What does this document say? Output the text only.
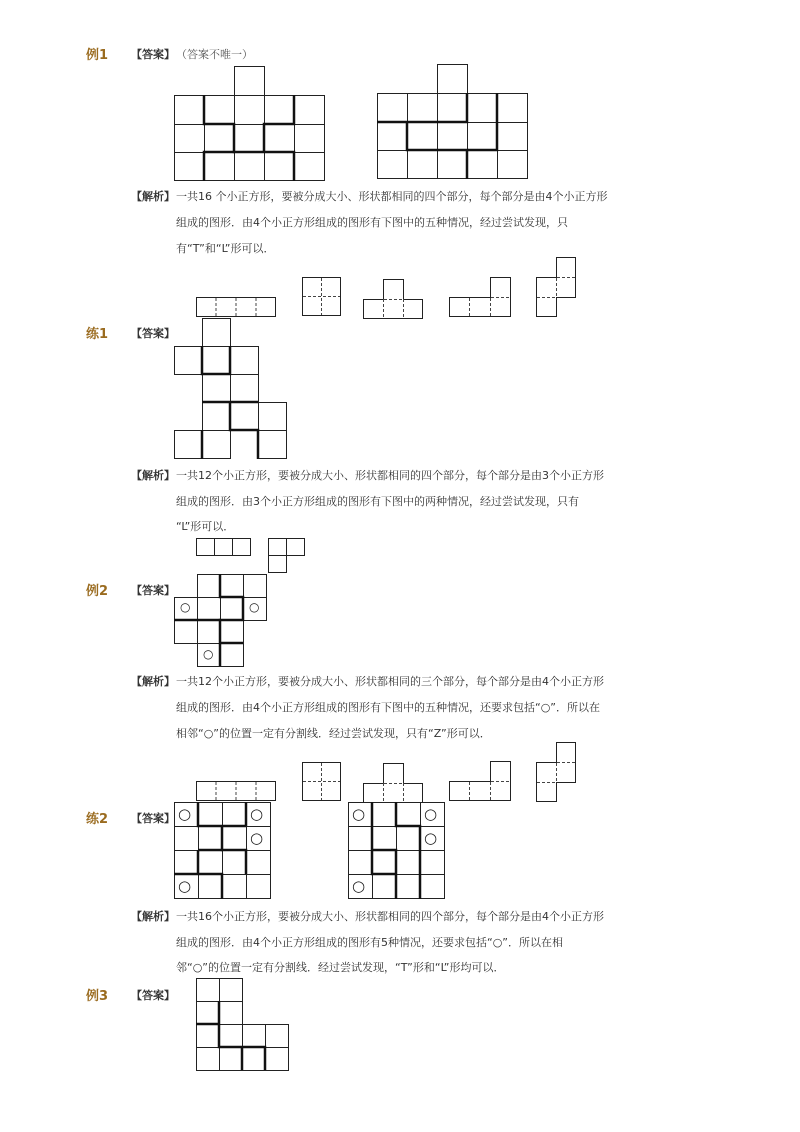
例1 【答案】 （答案不唯一）
【解析】 一共16 个小正方形，要被分成大小、形状都相同的四个部分，每个部分是由4个小正方形
组成的图形．由4个小正方形组成的图形有下图中的五种情况，经过尝试发现，只
有“T”和“L”形可以．
练1 【答案】
【解析】 一共12个小正方形，要被分成大小、形状都相同的四个部分，每个部分是由3个小正方形
组成的图形．由3个小正方形组成的图形有下图中的两种情况，经过尝试发现，只有
“L”形可以．
例2 【答案】
○	○
○
【解析】 一共12个小正方形，要被分成大小、形状都相同的三个部分，每个部分是由4个小正方形
组成的图形．由4个小正方形组成的图形有下图中的五种情况，还要求包括“○”．所以在
相邻“○”的位置一定有分割线．经过尝试发现，只有“Z”形可以．
练2 【答案】 ○	○
○
○
○	○
○
○
【解析】 一共16个小正方形，要被分成大小、形状都相同的四个部分，每个部分是由4个小正方形
组成的图形．由4个小正方形组成的图形有5种情况，还要求包括“○”．所以在相
邻“○”的位置一定有分割线．经过尝试发现，“T”形和“L”形均可以．
例3 【答案】
